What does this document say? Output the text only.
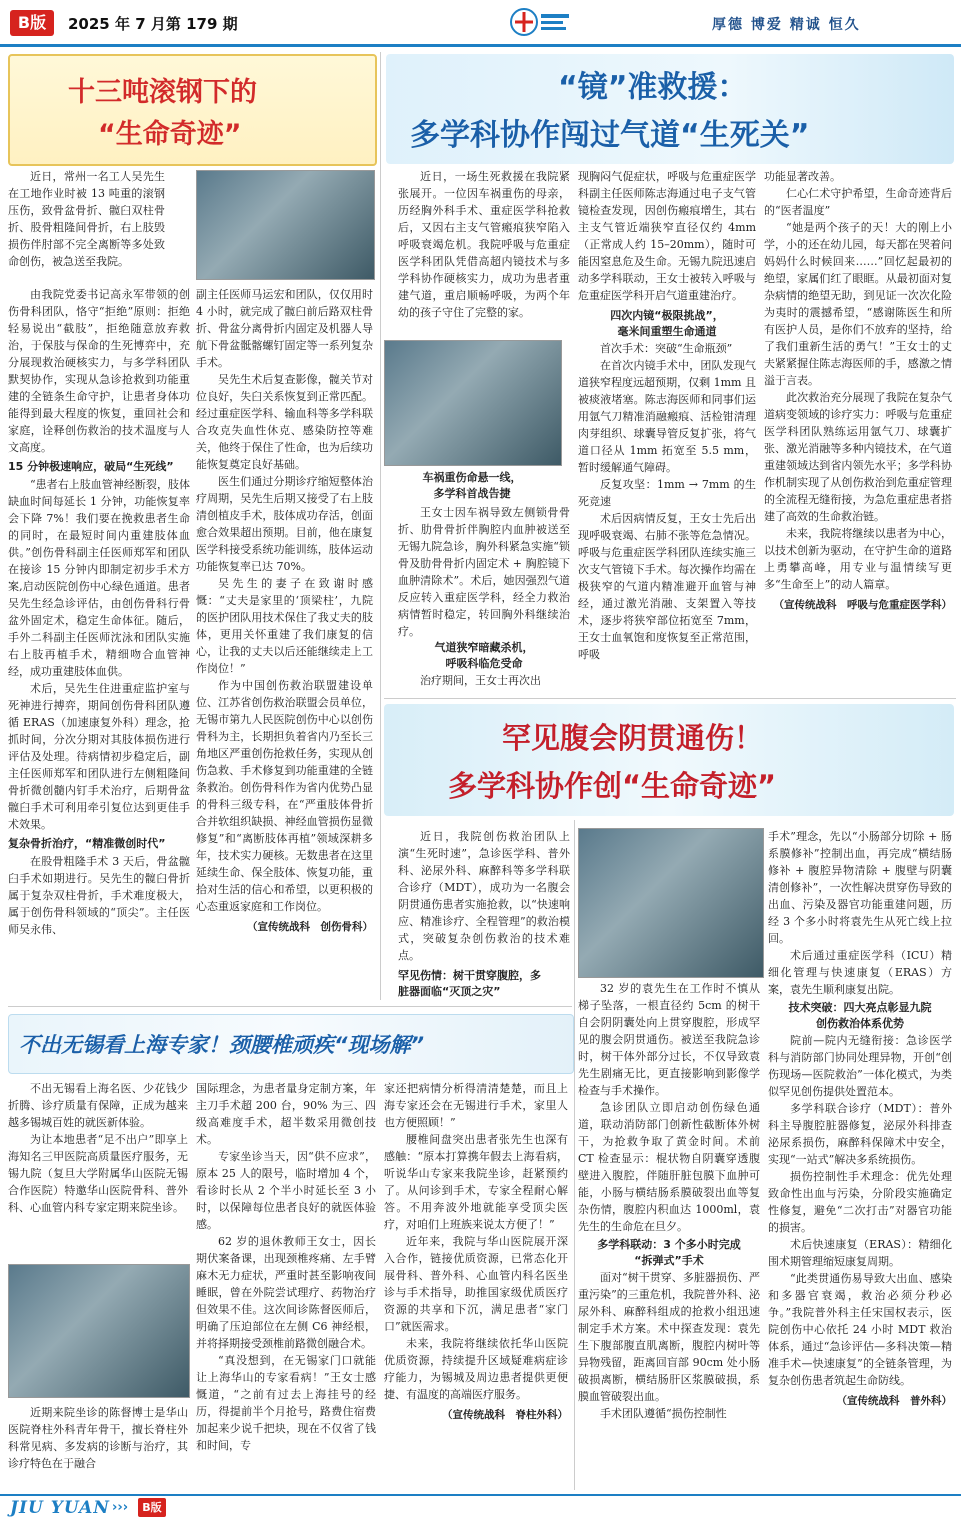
B版	2025 年 7 月第 179 期	厚德 博爱 精诚 恒久
十三吨滚钢下的
“生命奇迹”

近日，常州一名工人吴先生在工地作业时被 13 吨重的滚钢压伤，致骨盆骨折、髋臼双柱骨折、股骨粗隆间骨折，右上肢毁损伤伴肘部不完全离断等多处致命创伤，被急送至我院。

由我院党委书记高永军带领的创伤骨科团队，恪守“拒绝”原则：拒绝轻易说出“截肢”，拒绝随意放弃救治，于保肢与保命的生死博弈中，充分展现救治硬核实力，与多学科团队默契协作，实现从急诊抢救到功能重建的全链条生命守护，让患者身体功能得到最大程度的恢复，重回社会和家庭，诠释创伤救治的技术温度与人文高度。

15 分钟极速响应，破局“生死线”

“患者右上肢血管神经断裂，肢体缺血时间每延长 1 分钟，功能恢复率会下降 7%！我们要在挽救患者生命的同时，在最短时间内重建肢体血供。”创伤骨科副主任医师郑军和团队在接诊 15 分钟内即制定初步手术方案,启动医院创伤中心绿色通道。患者吴先生经急诊评估，由创伤骨科行骨盆外固定术，稳定生命体征。随后，手外二科副主任医师沈泳和团队实施右上肢再植手术，精细吻合血管神经，成功重建肢体血供。

术后，吴先生住进重症监护室与死神进行搏弈，期间创伤骨科团队遵循 ERAS（加速康复外科）理念，抢抓时间，分次分期对其肢体损伤进行评估及处理。待病情初步稳定后，副主任医师郑军和团队进行左侧粗隆间骨折微创髓内钉手术治疗，后期骨盆髋臼手术可利用牵引复位达到更佳手术效果。

复杂骨折治疗，“精准微创时代”

在股骨粗隆手术 3 天后，骨盆髋臼手术如期进行。吴先生的髋臼骨折属于复杂双柱骨折，手术难度极大，属于创伤骨科领域的“顶尖”。主任医师吴永伟、

副主任医师马运宏和团队，仅仅用时 4 小时，就完成了髋臼前后路双柱骨折、骨盆分离骨折内固定及机器人导航下骨盆骶髂螺钉固定等一系列复杂手术。

吴先生术后复查影像，髋关节对位良好，失臼关系恢复到正常匹配。经过重症医学科、输血科等多学科联合攻克失血性休克、感染防控等难关，他终于保住了性命，也为后续功能恢复奠定良好基础。

医生们通过分期诊疗缩短整体治疗周期，吴先生后期又接受了右上肢清创植皮手术，肢体成功存活，创面愈合效果超出预期。目前，他在康复医学科接受系统功能训练，肢体运动功能恢复率已达 70%。

吴先生的妻子在致谢时感慨：“丈夫是家里的‘顶梁柱’，九院的医护团队用技术保住了我丈夫的肢体，更用关怀重建了我们康复的信心，让我的丈夫以后还能继续走上工作岗位！”

作为中国创伤救治联盟建设单位、江苏省创伤救治联盟会员单位，无锡市第九人民医院创伤中心以创伤骨科为主，长期担负着省内乃至长三角地区严重创伤抢救任务，实现从创伤急救、手术修复到功能重建的全链条救治。创伤骨科作为省内优势凸显的骨科三级专科，在“严重肢体骨折合并软组织缺损、神经血管损伤显微修复”和“离断肢体再植”领域深耕多年，技术实力硬核。无数患者在这里延续生命、保全肢体、恢复功能，重拾对生活的信心和希望，以更积极的心态重返家庭和工作岗位。

（宣传统战科　创伤骨科）
“镜”准救援：
多学科协作闯过气道“生死关”

近日，一场生死救援在我院紧张展开。一位因车祸重伤的母亲，历经胸外科手术、重症医学科抢救后，又因右主支气管瘢痕狭窄陷入呼吸衰竭危机。我院呼吸与危重症医学科团队凭借高超内镜技术与多学科协作硬核实力，成功为患者重建气道，重启顺畅呼吸，为两个年幼的孩子守住了完整的家。

车祸重伤命悬一线，
多学科首战告捷

王女士因车祸导致左侧锁骨骨折、肋骨骨折伴胸腔内血肿被送至无锡九院急诊，胸外科紧急实施“锁骨及肋骨骨折内固定术 + 胸腔镜下血肿清除术”。术后，她因强烈气道反应转入重症医学科，经全力救治病情暂时稳定，转回胸外科继续治疗。

气道狭窄暗藏杀机，
呼吸科临危受命

治疗期间，王女士再次出

现胸闷气促症状，呼吸与危重症医学科副主任医师陈志海通过电子支气管镜检查发现，因创伤瘢痕增生，其右主支气管近端狭窄直径仅约 4mm（正常成人约 15–20mm），随时可能因窒息危及生命。无锡九院迅速启动多学科联动，王女士被转入呼吸与危重症医学科开启气道重建治疗。

四次内镜“极限挑战”，
毫米间重塑生命通道

首次手术：突破“生命瓶颈”

在首次内镜手术中，团队发现气道狭窄程度远超预期，仅剩 1mm 且被痰液堵塞。陈志海医师和同事们运用氩气刀精准消融瘢痕、活检钳清理肉芽组织、球囊导管反复扩张，将气道口径从 1mm 拓宽至 5.5 mm，暂时缓解通气障碍。

反复攻坚：1mm → 7mm 的生死竞速

术后因病情反复，王女士先后出现呼吸衰竭、右肺不张等危急情况。呼吸与危重症医学科团队连续实施三次支气管镜下手术。每次操作均需在极狭窄的气道内精准避开血管与神经，通过激光消融、支架置入等技术，逐步将狭窄部位拓宽至 7mm，王女士血氧饱和度恢复至正常范围，呼吸

功能显著改善。

仁心仁术守护希望，生命奇迹背后的“医者温度”

“她是两个孩子的天！大的刚上小学，小的还在幼儿园，每天都在哭着问妈妈什么时候回来……”回忆起最初的绝望，家属们红了眼眶。从最初面对复杂病情的绝望无助，到见证一次次化险为夷时的震撼希望，“感谢陈医生和所有医护人员，是你们不放弃的坚持，给了我们重新生活的勇气！”王女士的丈夫紧紧握住陈志海医师的手，感激之情溢于言表。

此次救治充分展现了我院在复杂气道病变领域的诊疗实力：呼吸与危重症医学科团队熟练运用氩气刀、球囊扩张、激光消融等多种内镜技术，在气道重建领域达到省内领先水平；多学科协作机制实现了从创伤救治到危重症管理的全流程无缝衔接，为急危重症患者搭建了高效的生命救治链。

未来，我院将继续以患者为中心，以技术创新为驱动，在守护生命的道路上勇攀高峰，用专业与温情续写更多“生命至上”的动人篇章。

（宣传统战科　呼吸与危重症医学科）
罕见腹会阴贯通伤！
多学科协作创“生命奇迹”

近日，我院创伤救治团队上演“生死时速”，急诊医学科、普外科、泌尿外科、麻醉科等多学科联合诊疗（MDT），成功为一名腹会阴贯通伤患者实施抢救，以“快速响应、精准诊疗、全程管理”的救治模式，突破复杂创伤救治的技术难点。

罕见伤情：树干贯穿腹腔，多
脏器面临“灭顶之灾”	32 岁的袁先生在工作时不慎从梯子坠落，一根直径约 5cm 的树干自会阴阴囊处向上贯穿腹腔，形成罕见的腹会阴贯通伤。被送至我院急诊时，树干体外部分过长，不仅导致袁先生剧痛无比，更直接影响到影像学检查与手术操作。

急诊团队立即启动创伤绿色通道，联动消防部门创新性截断体外树干，为抢救争取了黄金时间。术前 CT 检查显示：棍状物自阴囊穿透腹壁进入腹腔，伴随肝脏包膜下血肿可能，小肠与横结肠系膜破裂出血等复杂伤情，腹腔内积血达 1000ml，袁先生的生命危在旦夕。

多学科联动：3 个多小时完成
“拆弹式”手术

面对“树干贯穿、多脏器损伤、严重污染”的三重危机，我院普外科、泌尿外科、麻醉科组成的抢救小组迅速制定手术方案。术中探查发现：袁先生下腹部腹直肌离断，腹腔内树叶等异物残留，距离回盲部 90cm 处小肠破损离断，横结肠肝区浆膜破损，系膜血管破裂出血。

手术团队遵循“损伤控制性

手术”理念，先以“小肠部分切除 + 肠系膜修补”控制出血，再完成“横结肠修补 + 腹腔异物清除 + 腹壁与阴囊清创修补”，一次性解决贯穿伤导致的出血、污染及器官功能重建问题，历经 3 个多小时将袁先生从死亡线上拉回。

术后通过重症医学科（ICU）精细化管理与快速康复（ERAS）方案，袁先生顺利康复出院。

技术突破：四大亮点彰显九院
创伤救治体系优势

院前—院内无缝衔接：急诊医学科与消防部门协同处理异物，开创“创伤现场—医院救治”一体化模式，为类似罕见创伤提供处置范本。

多学科联合诊疗（MDT）：普外科主导腹腔脏器修复，泌尿外科排查泌尿系损伤，麻醉科保障术中安全，实现“一站式”解决多系统损伤。

损伤控制性手术理念：优先处理致命性出血与污染，分阶段实施确定性修复，避免“二次打击”对器官功能的损害。

术后快速康复（ERAS）：精细化围术期管理缩短康复周期。

“此类贯通伤易导致大出血、感染和多器官衰竭，救治必须分秒必争。”我院普外科主任宋国权表示，医院创伤中心依托 24 小时 MDT 救治体系，通过“急诊评估—多科决策—精准手术—快速康复”的全链条管理，为复杂创伤患者筑起生命防线。

（宣传统战科　普外科）
不出无锡看上海专家！颈腰椎顽疾“现场解”

不出无锡看上海名医、少花钱少折腾、诊疗质量有保障，正成为越来越多锡城百姓的就医新体验。

为让本地患者“足不出户”即享上海知名三甲医院高质量医疗服务，无锡九院（复旦大学附属华山医院无锡合作医院）特邀华山医院骨科、普外科、心血管内科专家定期来院坐诊。

近期来院坐诊的陈督博士是华山医院脊柱外科青年骨干，擅长脊柱外科常见病、多发病的诊断与治疗，其诊疗特色在于融合

国际理念，为患者量身定制方案，年主刀手术超 200 台，90% 为三、四级高难度手术，超半数采用微创技术。

专家坐诊当天，因“供不应求”，原本 25 人的限号，临时增加 4 个，看诊时长从 2 个半小时延长至 3 小时，以保障每位患者良好的就医体验感。

62 岁的退休教师王女士，因长期伏案备课，出现颈椎疼痛、左手臂麻木无力症状，严重时甚至影响夜间睡眠，曾在外院尝试理疗、药物治疗但效果不佳。这次间诊陈督医师后，明确了压迫部位在左侧 C6 神经根，并将择期接受颈椎前路微创融合术。

“真没想到，在无锡家门口就能让上海华山的专家看病！”王女士感慨道，“之前有过去上海挂号的经历，得提前半个月抢号，路费住宿费加起来少说千把块，现在不仅省了钱和时间，专

家还把病情分析得清清楚楚，而且上海专家还会在无锡进行手术，家里人也方便照顾！”

腰椎间盘突出患者张先生也深有感触：“原本打算携年假去上海看病，听说华山专家来我院坐诊，赶紧预约了。从问诊到手术，专家全程耐心解答。不用奔波外地就能享受顶尖医疗，对咱们上班族来说太方便了！”

近年来，我院与华山医院展开深入合作，链接优质资源，已常态化开展骨科、普外科、心血管内科名医坐诊与手术指导，助推国家级优质医疗资源的共享和下沉，满足患者“家门口”就医需求。

未来，我院将继续依托华山医院优质资源，持续提升区域疑难病症诊疗能力，为锡城及周边患者提供更便捷、有温度的高端医疗服务。

（宣传统战科　脊柱外科）
JIU YUAN ›››	B版
